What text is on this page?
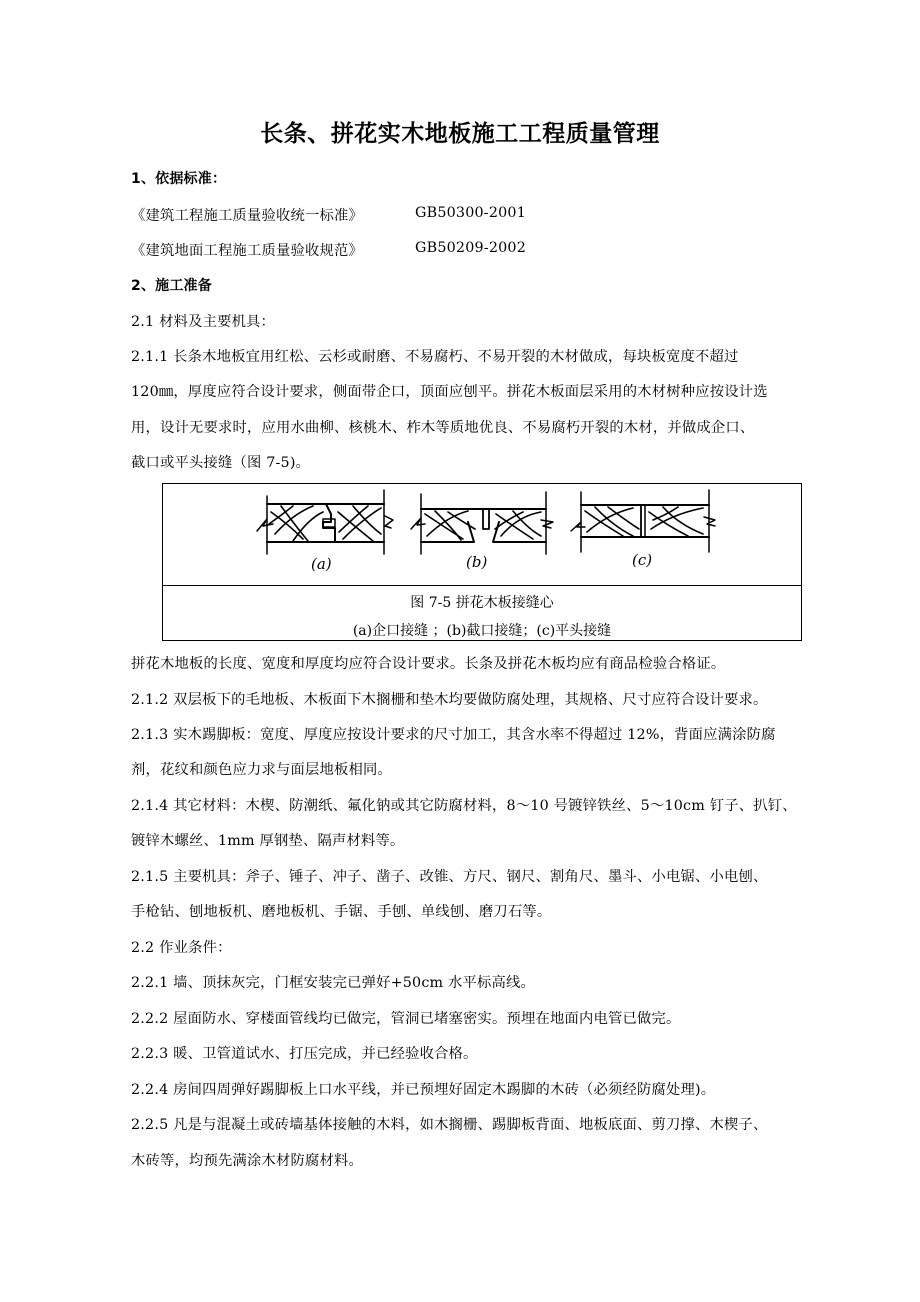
长条、拼花实木地板施工工程质量管理
1、依据标准：
《建筑工程施工质量验收统一标准》	GB50300-2001
《建筑地面工程施工质量验收规范》	GB50209-2002
2、施工准备
2.1 材料及主要机具：
2.1.1 长条木地板宜用红松、云杉或耐磨、不易腐朽、不易开裂的木材做成，每块板宽度不超过
120㎜，厚度应符合设计要求，侧面带企口，顶面应刨平。拼花木板面层采用的木材树种应按设计选
用，设计无要求时，应用水曲柳、核桃木、柞木等质地优良、不易腐朽开裂的木材，并做成企口、
截口或平头接缝（图 7-5)。
(a)	(b)	(c)
图 7-5 拼花木板接缝心
(a)企口接缝 ；(b)截口接缝；(c)平头接缝
拼花木地板的长度、宽度和厚度均应符合设计要求。长条及拼花木板均应有商品检验合格证。
2.1.2 双层板下的毛地板、木板面下木搁栅和垫木均要做防腐处理，其规格、尺寸应符合设计要求。
2.1.3 实木踢脚板：宽度、厚度应按设计要求的尺寸加工，其含水率不得超过 12%，背面应满涂防腐
剂，花纹和颜色应力求与面层地板相同。
2.1.4 其它材料：木楔、防潮纸、氟化钠或其它防腐材料，8～10 号镀锌铁丝、5～10cm 钉子、扒钉、
镀锌木螺丝、1mm 厚钢垫、隔声材料等。
2.1.5 主要机具：斧子、锤子、冲子、凿子、改锥、方尺、钢尺、割角尺、墨斗、小电锯、小电刨、
手枪钻、刨地板机、磨地板机、手锯、手刨、单线刨、磨刀石等。
2.2 作业条件：
2.2.1 墙、顶抹灰完，门框安装完已弹好+50cm 水平标高线。
2.2.2 屋面防水、穿楼面管线均已做完，管洞已堵塞密实。预埋在地面内电管已做完。
2.2.3 暖、卫管道试水、打压完成，并已经验收合格。
2.2.4 房间四周弹好踢脚板上口水平线，并已预埋好固定木踢脚的木砖（必须经防腐处理)。
2.2.5 凡是与混凝土或砖墙基体接触的木料，如木搁栅、踢脚板背面、地板底面、剪刀撑、木楔子、
木砖等，均预先满涂木材防腐材料。
